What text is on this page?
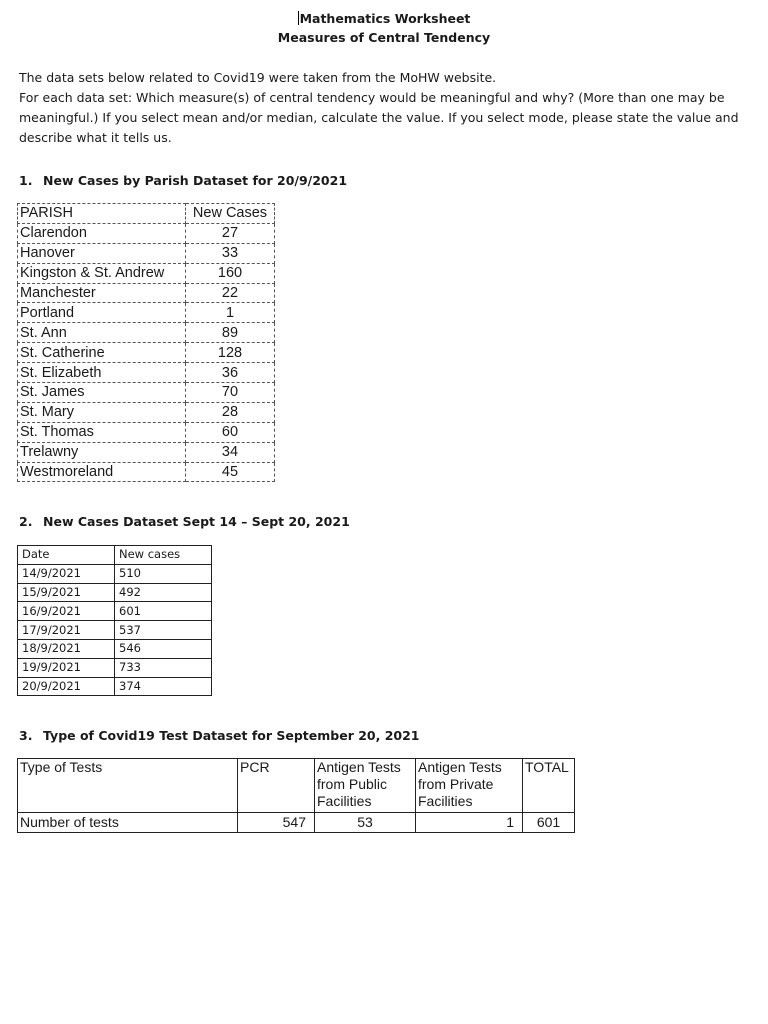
Mathematics Worksheet
Measures of Central Tendency

The data sets below related to Covid19 were taken from the MoHW website.

For each data set: Which measure(s) of central tendency would be meaningful and why? (More than one may be meaningful.) If you select mean and/or median, calculate the value. If you select mode, please state the value and describe what it tells us.

1. New Cases by Parish Dataset for 20/9/2021
PARISH	New Cases
Clarendon	27
Hanover	33
Kingston & St. Andrew	160
Manchester	22
Portland	1
St. Ann	89
St. Catherine	128
St. Elizabeth	36
St. James	70
St. Mary	28
St. Thomas	60
Trelawny	34
Westmoreland	45
2. New Cases Dataset Sept 14 – Sept 20, 2021
Date	New cases
14/9/2021	510
15/9/2021	492
16/9/2021	601
17/9/2021	537
18/9/2021	546
19/9/2021	733
20/9/2021	374
3. Type of Covid19 Test Dataset for September 20, 2021
Type of Tests	PCR	Antigen Tests from Public Facilities	Antigen Tests from Private Facilities	TOTAL
Number of tests	547	53	1	601
